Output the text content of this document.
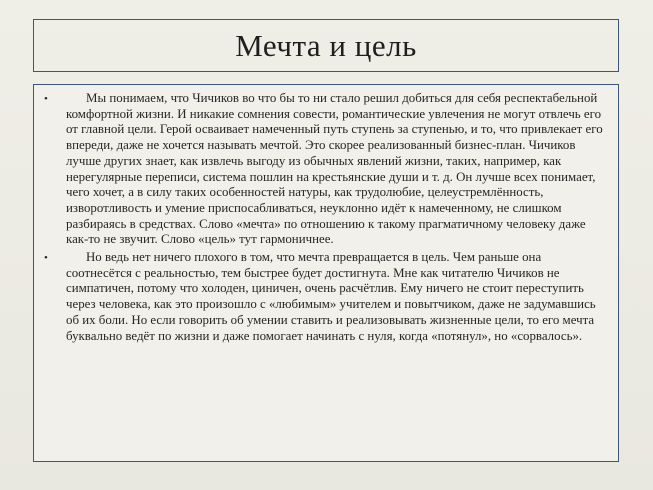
Мечта и цель
•	Мы понимаем, что Чичиков во что бы то ни стало решил добиться для себя респектабельной комфортной жизни. И никакие сомнения совести, романтические увлечения не могут отвлечь его от главной цели. Герой осваивает намеченный путь ступень за ступенью, и то, что привлекает его впереди, даже не хочется называть мечтой. Это скорее реализованный бизнес-план. Чичиков лучше других знает, как извлечь выгоду из обычных явлений жизни, таких, например, как нерегулярные переписи, система пошлин на крестьянские души и т. д. Он лучше всех понимает, чего хочет, а в силу таких особенностей натуры, как трудолюбие, целеустремлённость, изворотливость и умение приспосабливаться, неуклонно идёт к намеченному, не слишком разбираясь в средствах. Слово «мечта» по отношению к такому прагматичному человеку даже как-то не звучит. Слово «цель» тут гармоничнее.

•	Но ведь нет ничего плохого в том, что мечта превращается в цель. Чем раньше она соотнесётся с реальностью, тем быстрее будет достигнута. Мне как читателю Чичиков не симпатичен, потому что холоден, циничен, очень расчётлив. Ему ничего не стоит переступить через человека, как это произошло с «любимым» учителем и повытчиком, даже не задумавшись об их боли. Но если говорить об умении ставить и реализовывать жизненные цели, то его мечта буквально ведёт по жизни и даже помогает начинать с нуля, когда «потянул», но «сорвалось».
